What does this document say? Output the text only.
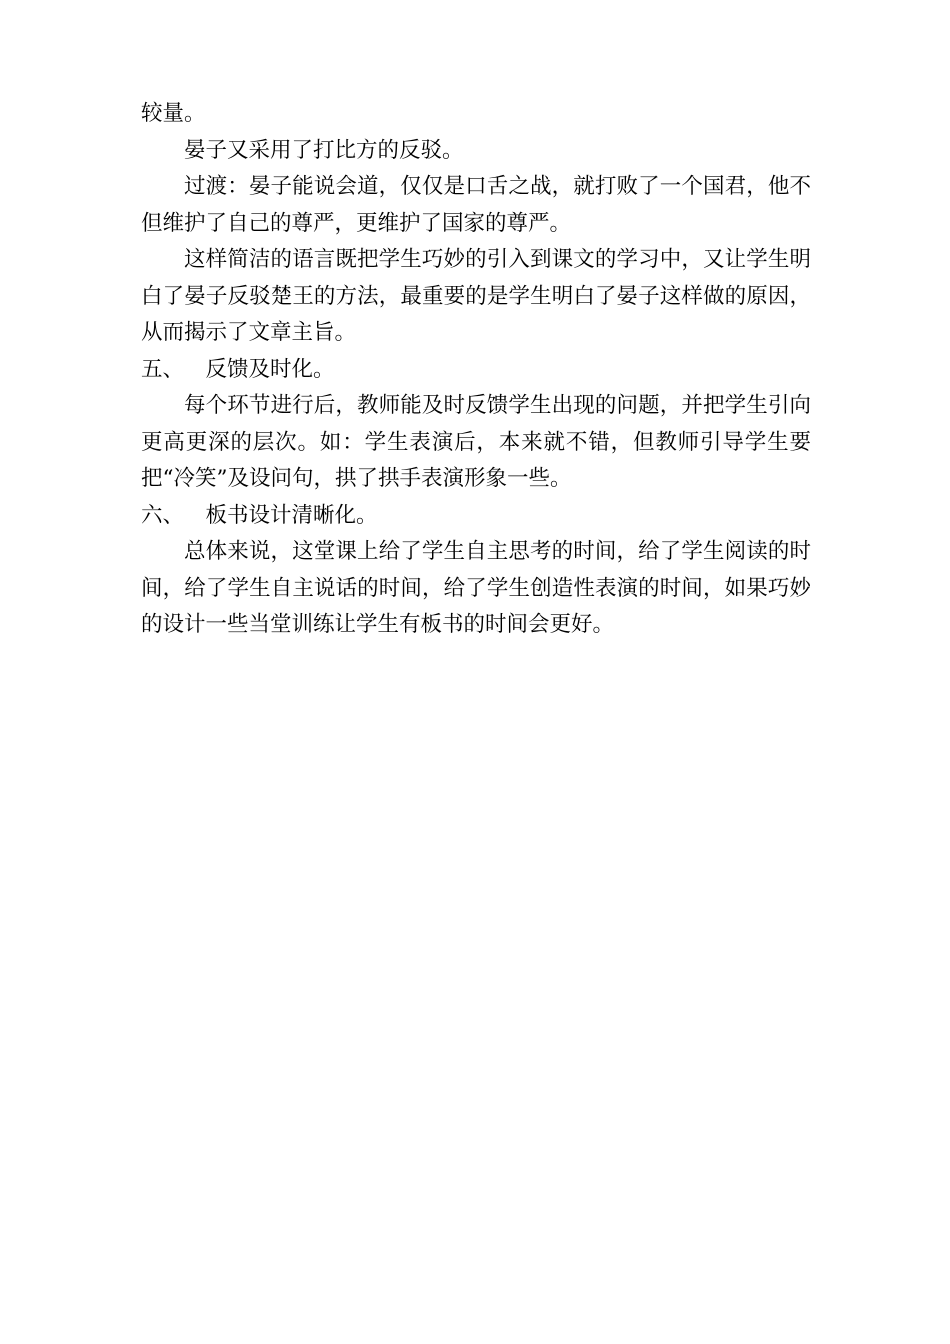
较量。

晏子又采用了打比方的反驳。

过渡：晏子能说会道，仅仅是口舌之战，就打败了一个国君，他不但维护了自己的尊严，更维护了国家的尊严。

这样简洁的语言既把学生巧妙的引入到课文的学习中，又让学生明白了晏子反驳楚王的方法，最重要的是学生明白了晏子这样做的原因，从而揭示了文章主旨。

五、 反馈及时化。

每个环节进行后，教师能及时反馈学生出现的问题，并把学生引向更高更深的层次。如：学生表演后，本来就不错，但教师引导学生要把“冷笑”及设问句，拱了拱手表演形象一些。

六、 板书设计清晰化。

总体来说，这堂课上给了学生自主思考的时间，给了学生阅读的时间，给了学生自主说话的时间，给了学生创造性表演的时间，如果巧妙的设计一些当堂训练让学生有板书的时间会更好。
